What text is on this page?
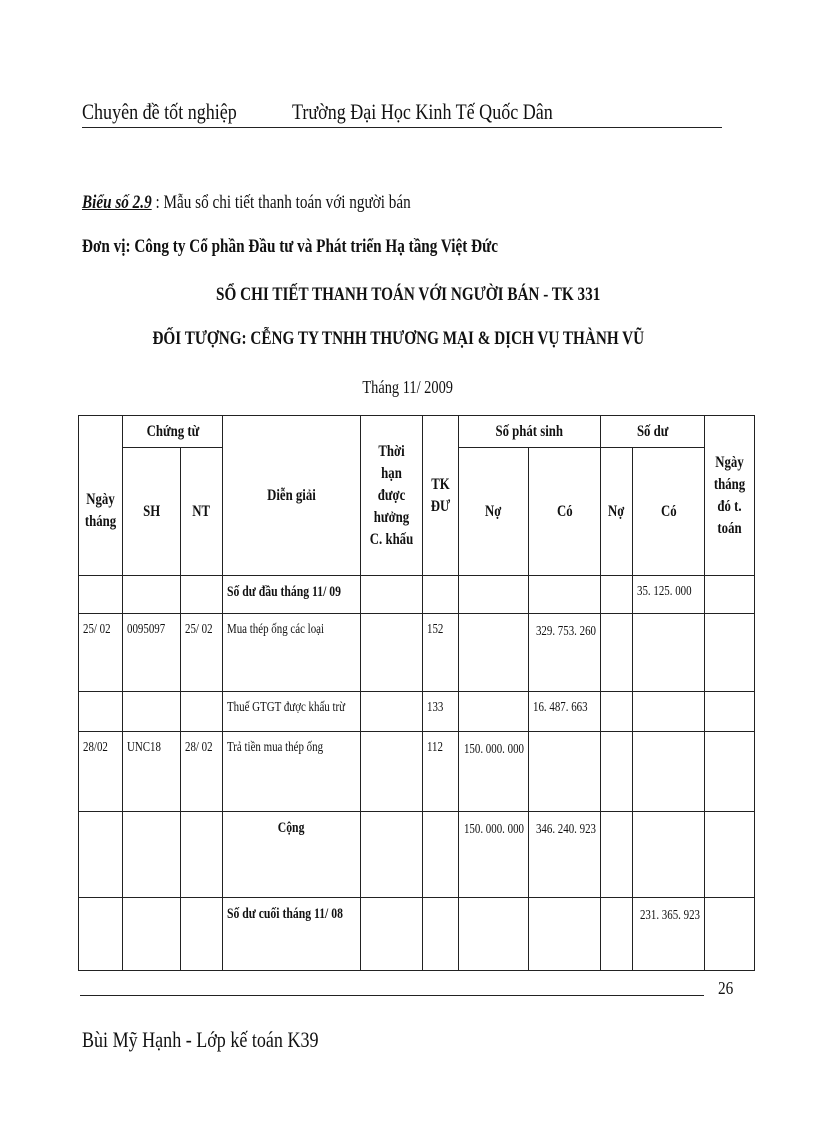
Chuyên đề tốt nghiệp	Trường Đại Học Kinh Tế Quốc Dân
Biểu số 2.9 : Mẫu sổ chi tiết thanh toán với người bán
Đơn vị: Công ty Cổ phần Đầu tư và Phát triển Hạ tầng Việt Đức
SỔ CHI TIẾT THANH TOÁN VỚI NGƯỜI BÁN - TK 331
ĐỐI TƯỢNG: CỄNG TY TNHH THƯƠNG MẠI & DỊCH VỤ THÀNH VŨ
Tháng 11/ 2009
Ngày tháng	Chứng từ		Diễn giải	Thời hạn được hưởng C. khấu	TK ĐƯ	Số phát sinh		Số dư		Ngày tháng đó t. toán
	SH	NT				Nợ	Có	Nợ	Có	
			Số dư đầu tháng 11/ 09						35. 125. 000	
25/ 02	0095097	25/ 02	Mua thép ống các loại		152		329. 753. 260			

			Thuế GTGT được khấu trừ		133		16. 487. 663			
28/02	UNC18	28/ 02	Trả tiền mua thép ống		112	150. 000. 000				

			Cộng			150. 000. 000	346. 240. 923			

			Số dư cuối tháng 11/ 08						231. 365. 923	

26
Bùi Mỹ Hạnh - Lớp kế toán K39
